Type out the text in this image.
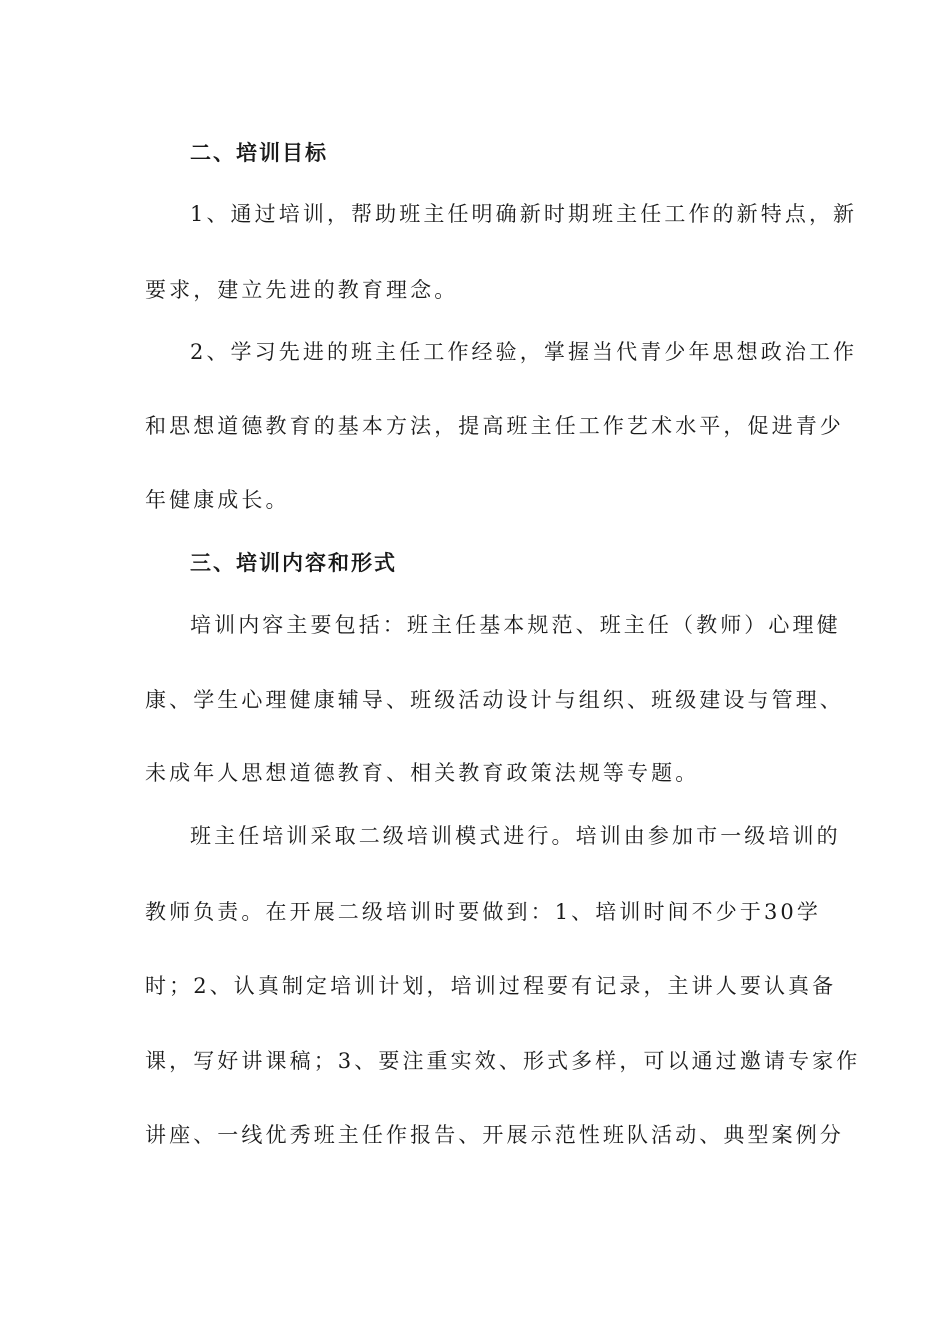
二、培训目标
1、通过培训，帮助班主任明确新时期班主任工作的新特点，新
要求，建立先进的教育理念。
2、学习先进的班主任工作经验，掌握当代青少年思想政治工作
和思想道德教育的基本方法，提高班主任工作艺术水平，促进青少
年健康成长。
三、培训内容和形式
培训内容主要包括：班主任基本规范、班主任（教师）心理健
康、学生心理健康辅导、班级活动设计与组织、班级建设与管理、
未成年人思想道德教育、相关教育政策法规等专题。
班主任培训采取二级培训模式进行。培训由参加市一级培训的
教师负责。在开展二级培训时要做到：1、培训时间不少于30学
时；2、认真制定培训计划，培训过程要有记录，主讲人要认真备
课，写好讲课稿；3、要注重实效、形式多样，可以通过邀请专家作
讲座、一线优秀班主任作报告、开展示范性班队活动、典型案例分
